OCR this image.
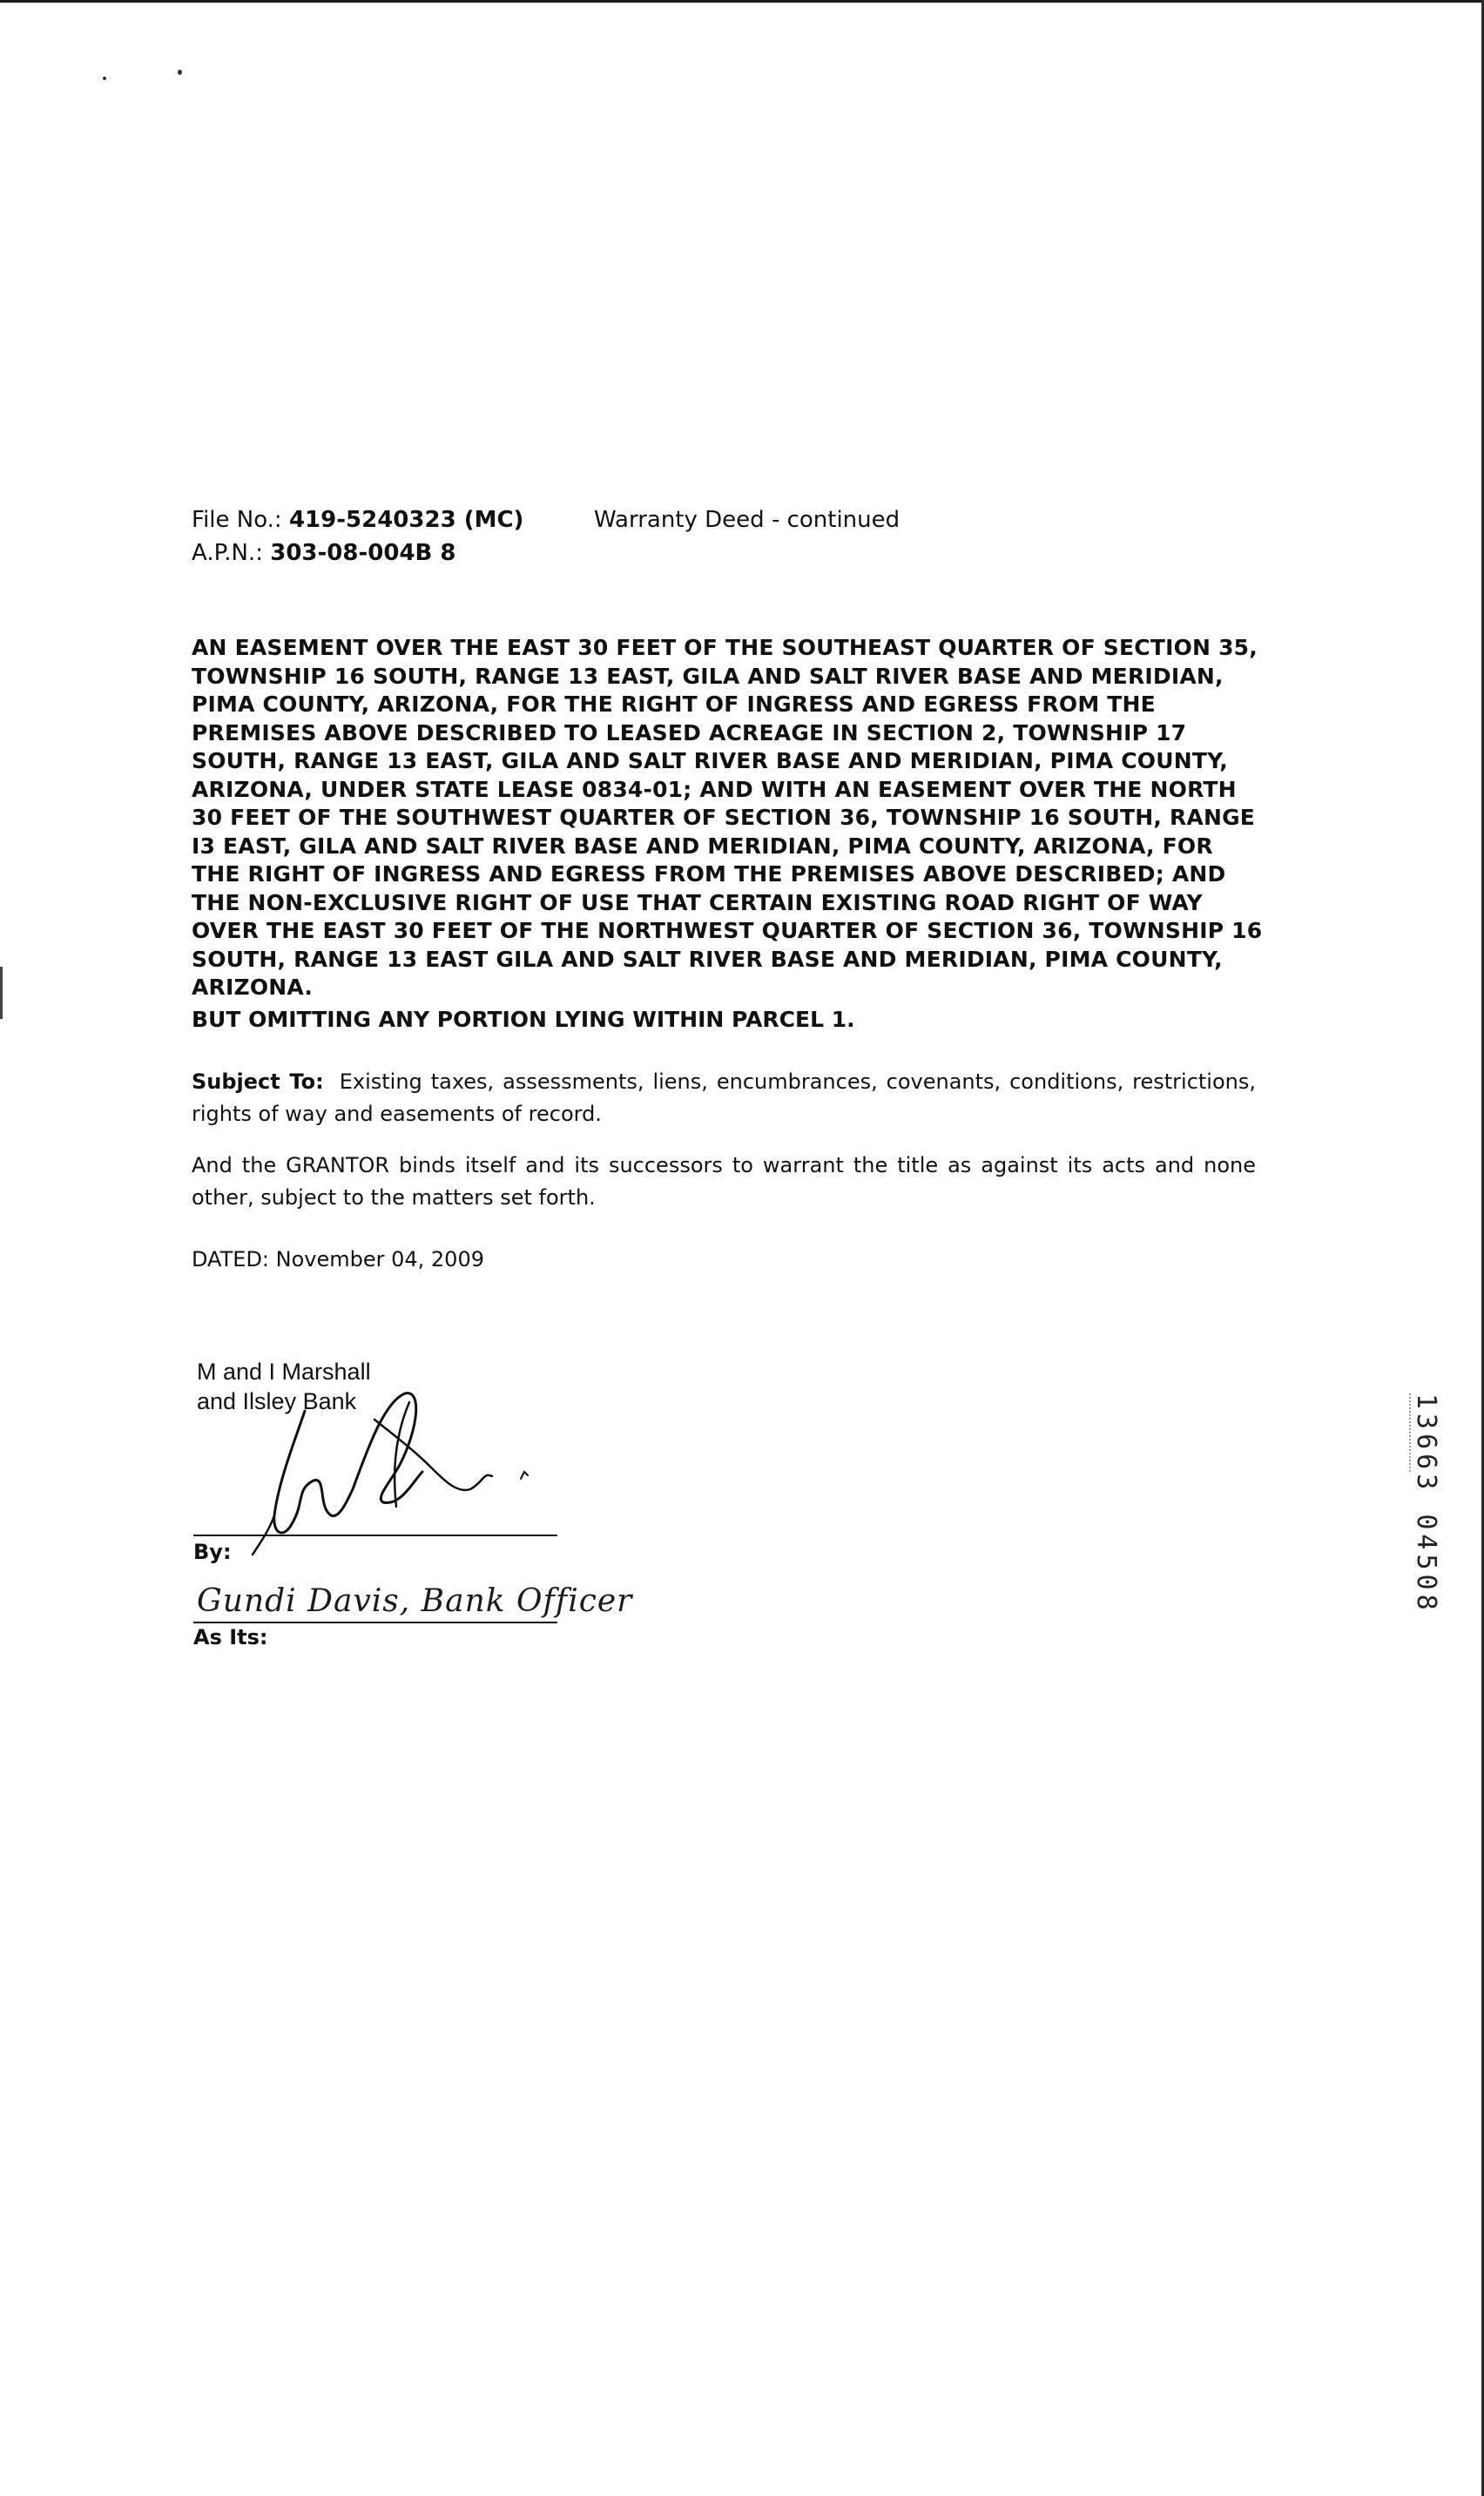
File No.: 419-5240323 (MC)
A.P.N.: 303-08-004B 8
Warranty Deed - continued

AN EASEMENT OVER THE EAST 30 FEET OF THE SOUTHEAST QUARTER OF SECTION 35, TOWNSHIP 16 SOUTH, RANGE 13 EAST, GILA AND SALT RIVER BASE AND MERIDIAN, PIMA COUNTY, ARIZONA, FOR THE RIGHT OF INGRESS AND EGRESS FROM THE PREMISES ABOVE DESCRIBED TO LEASED ACREAGE IN SECTION 2, TOWNSHIP 17 SOUTH, RANGE 13 EAST, GILA AND SALT RIVER BASE AND MERIDIAN, PIMA COUNTY, ARIZONA, UNDER STATE LEASE 0834-01; AND WITH AN EASEMENT OVER THE NORTH 30 FEET OF THE SOUTHWEST QUARTER OF SECTION 36, TOWNSHIP 16 SOUTH, RANGE I3 EAST, GILA AND SALT RIVER BASE AND MERIDIAN, PIMA COUNTY, ARIZONA, FOR THE RIGHT OF INGRESS AND EGRESS FROM THE PREMISES ABOVE DESCRIBED; AND THE NON-EXCLUSIVE RIGHT OF USE THAT CERTAIN EXISTING ROAD RIGHT OF WAY OVER THE EAST 30 FEET OF THE NORTHWEST QUARTER OF SECTION 36, TOWNSHIP 16 SOUTH, RANGE 13 EAST GILA AND SALT RIVER BASE AND MERIDIAN, PIMA COUNTY, ARIZONA.

BUT OMITTING ANY PORTION LYING WITHIN PARCEL 1.

Subject To: Existing taxes, assessments, liens, encumbrances, covenants, conditions, restrictions, rights of way and easements of record.

And the GRANTOR binds itself and its successors to warrant the title as against its acts and none other, subject to the matters set forth.

DATED: November 04, 2009

M and I Marshall
and Ilsley Bank
By:
Gundi Davis, Bank Officer
As Its:
13663 04508
